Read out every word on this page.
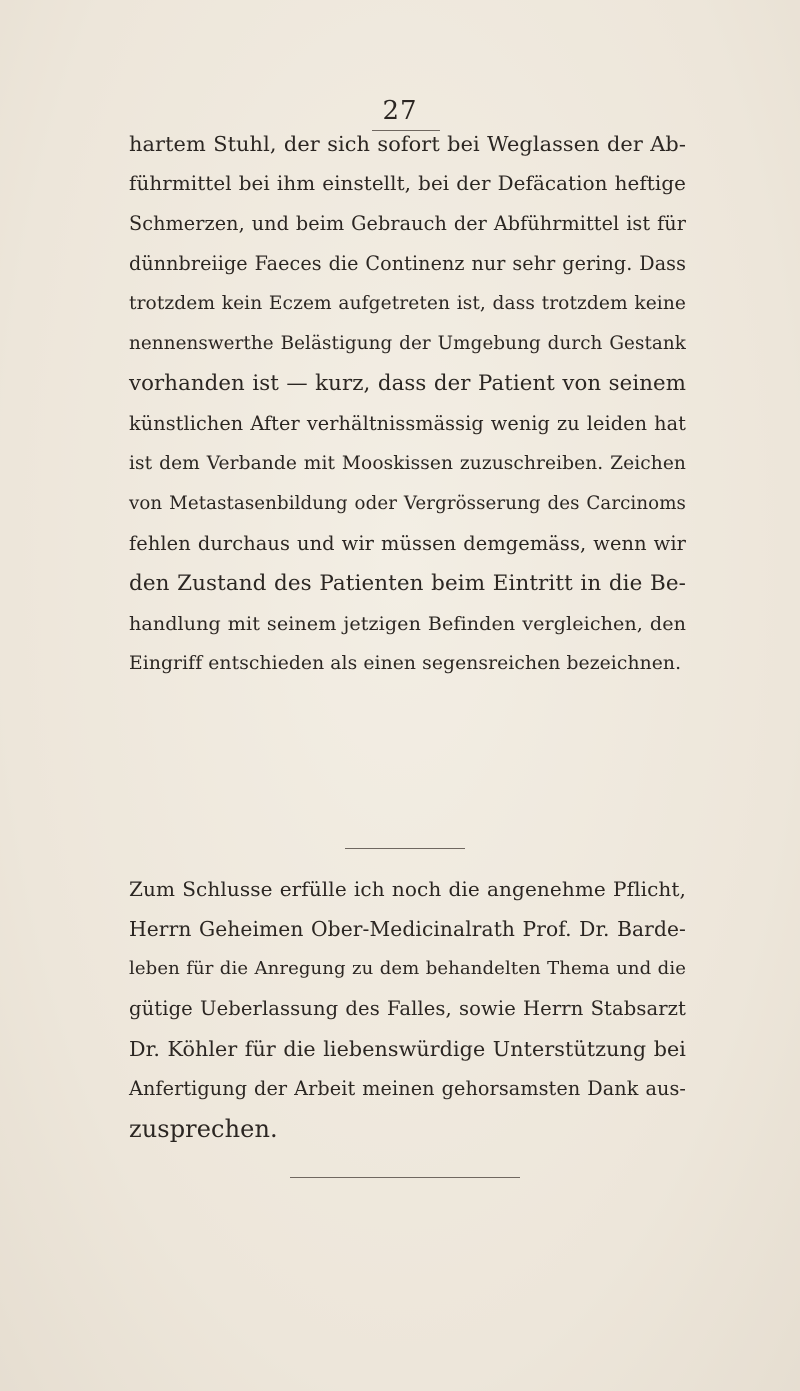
27
hartem Stuhl, der sich sofort bei Weglassen der Ab-
führmittel bei ihm einstellt, bei der Defäcation heftige
Schmerzen, und beim Gebrauch der Abführmittel ist für
dünnbreiige Faeces die Continenz nur sehr gering. Dass
trotzdem kein Eczem aufgetreten ist, dass trotzdem keine
nennenswerthe Belästigung der Umgebung durch Gestank
vorhanden ist — kurz, dass der Patient von seinem
künstlichen After verhältnissmässig wenig zu leiden hat
ist dem Verbande mit Mooskissen zuzuschreiben. Zeichen
von Metastasenbildung oder Vergrösserung des Carcinoms
fehlen durchaus und wir müssen demgemäss, wenn wir
den Zustand des Patienten beim Eintritt in die Be-
handlung mit seinem jetzigen Befinden vergleichen, den
Eingriff entschieden als einen segensreichen bezeichnen.
Zum Schlusse erfülle ich noch die angenehme Pflicht,
Herrn Geheimen Ober-Medicinalrath Prof. Dr. Barde-
leben für die Anregung zu dem behandelten Thema und die
gütige Ueberlassung des Falles, sowie Herrn Stabsarzt
Dr. Köhler für die liebenswürdige Unterstützung bei
Anfertigung der Arbeit meinen gehorsamsten Dank aus-
zusprechen.
